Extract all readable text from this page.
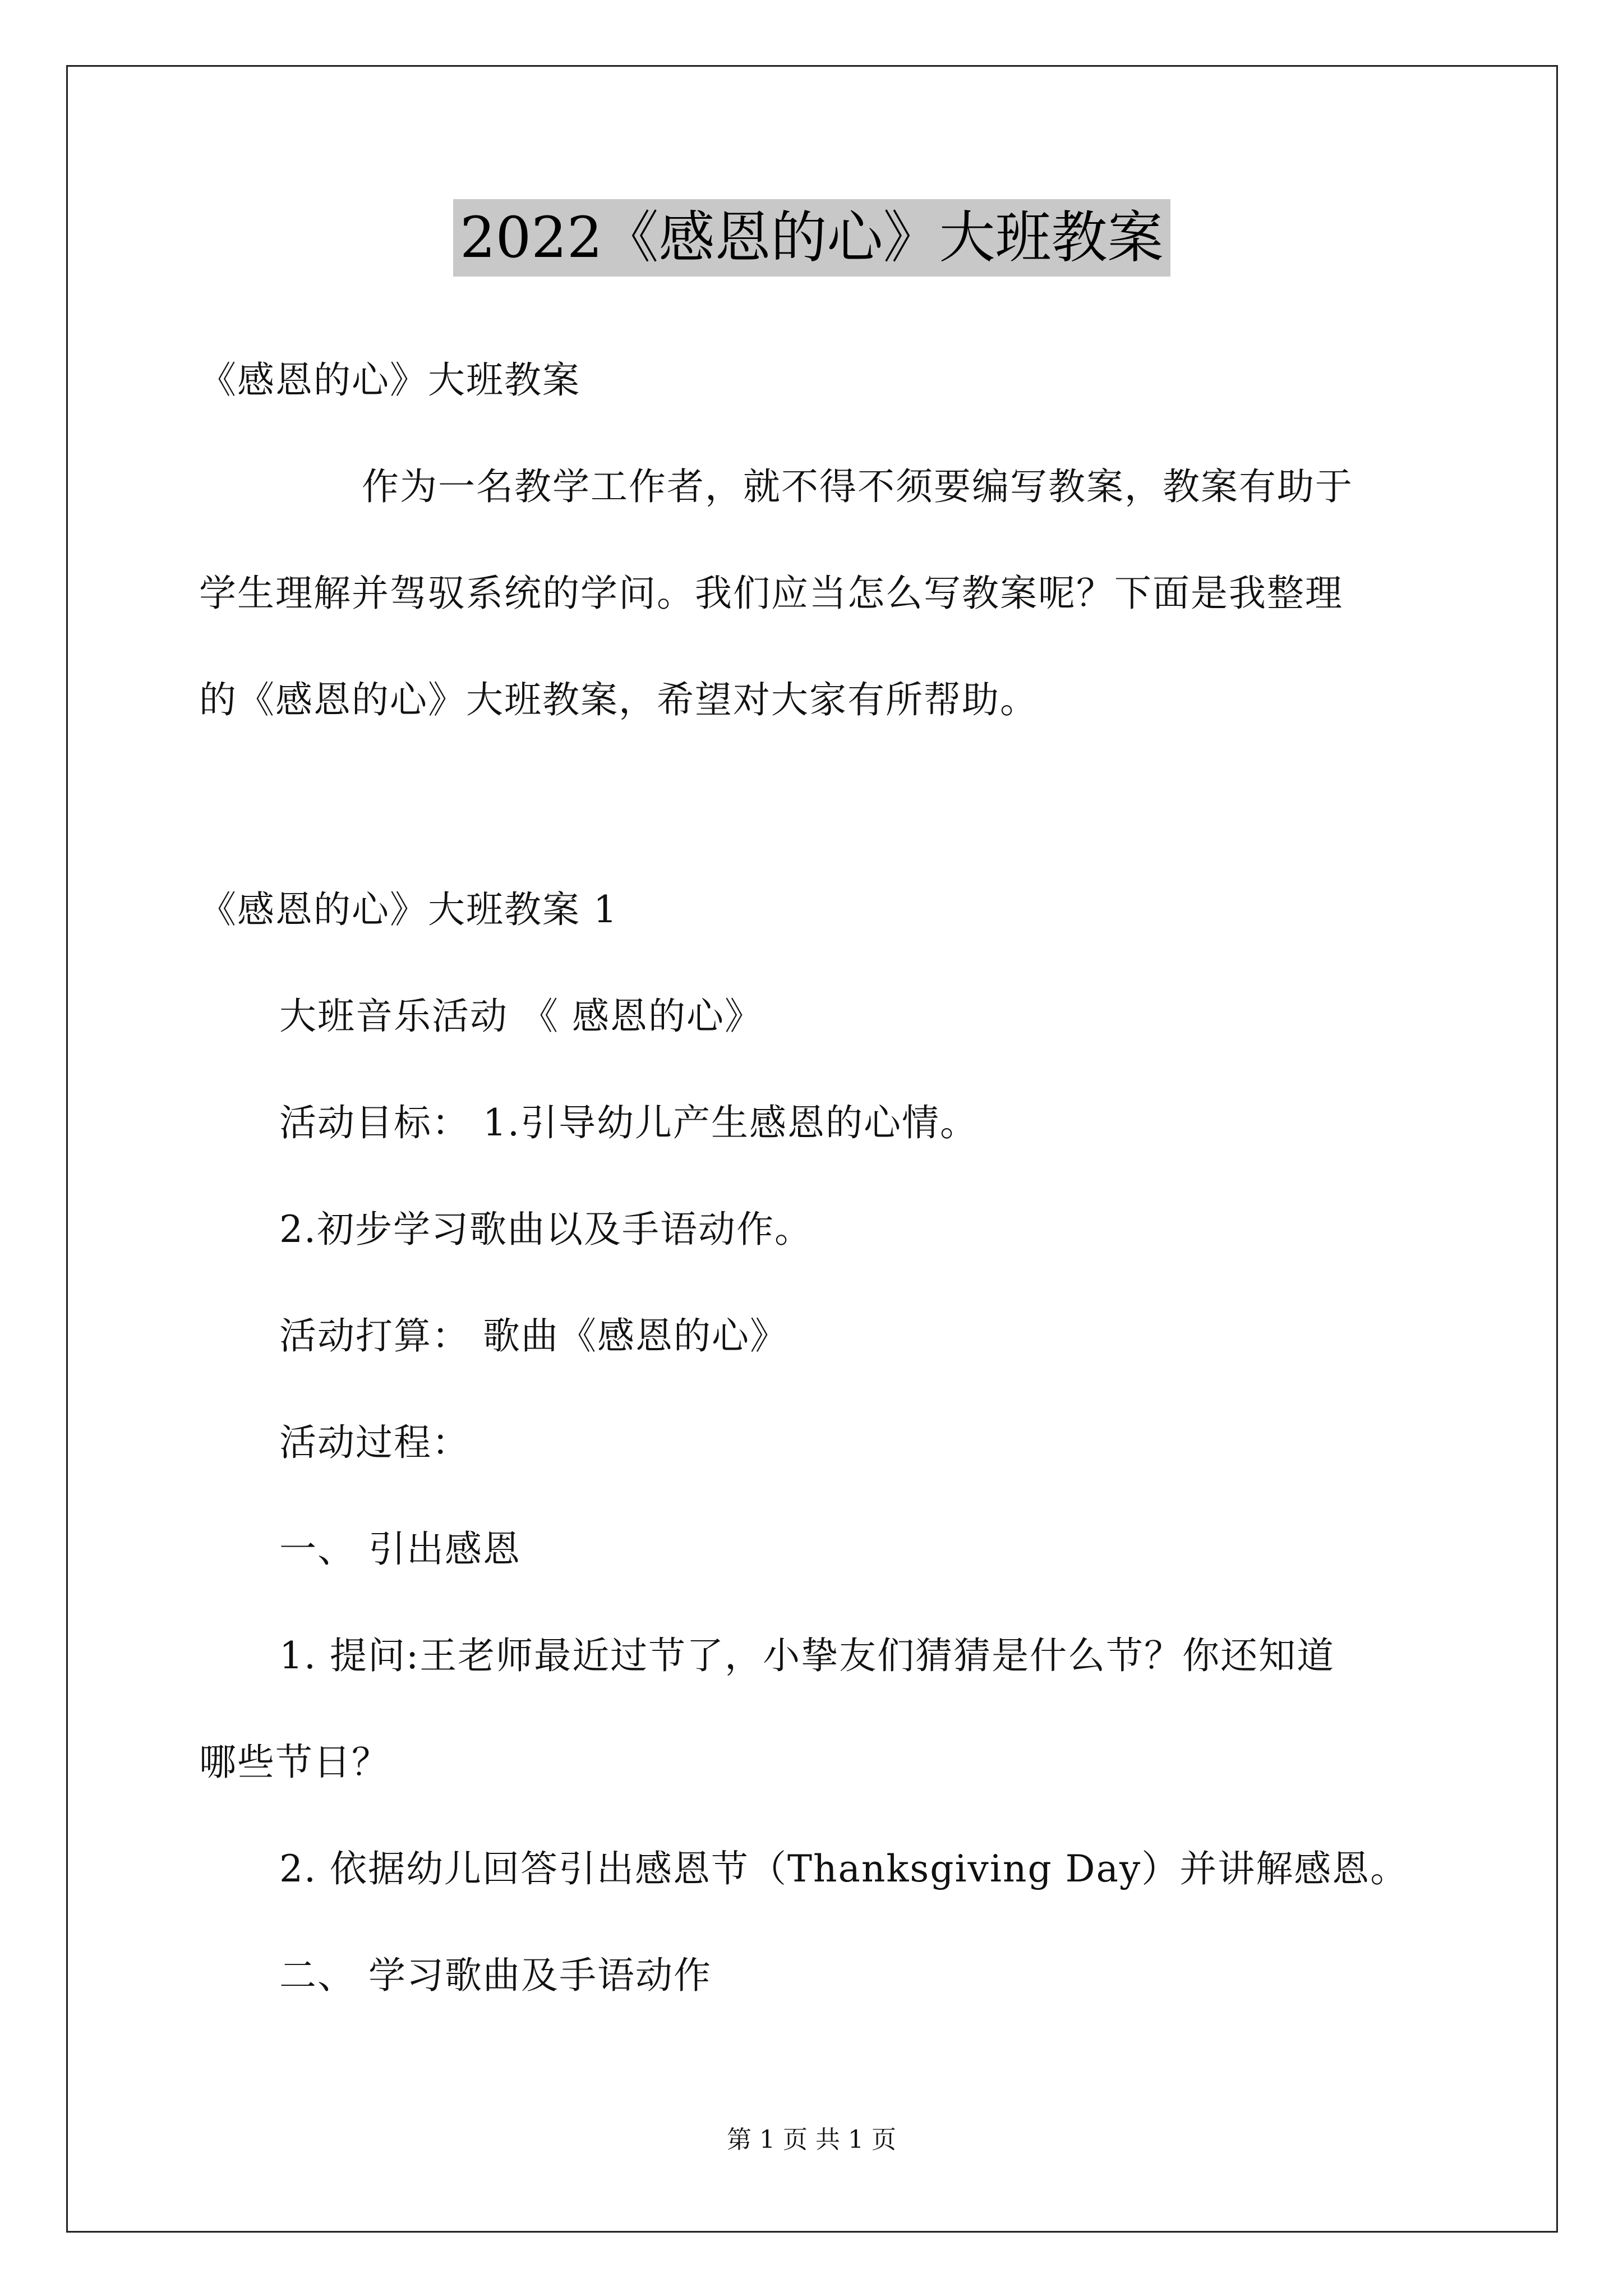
2022《感恩的心》大班教案
《感恩的心》大班教案
作为一名教学工作者，就不得不须要编写教案，教案有助于
学生理解并驾驭系统的学问。我们应当怎么写教案呢？下面是我整理
的《感恩的心》大班教案，希望对大家有所帮助。
《感恩的心》大班教案 1
大班音乐活动 《 感恩的心》
活动目标： 1.引导幼儿产生感恩的心情。
2.初步学习歌曲以及手语动作。
活动打算： 歌曲《感恩的心》
活动过程：
一、 引出感恩
1. 提问:王老师最近过节了，小挚友们猜猜是什么节？你还知道
哪些节日？
2. 依据幼儿回答引出感恩节（Thanksgiving Day）并讲解感恩。
二、 学习歌曲及手语动作
第 1 页 共 1 页
